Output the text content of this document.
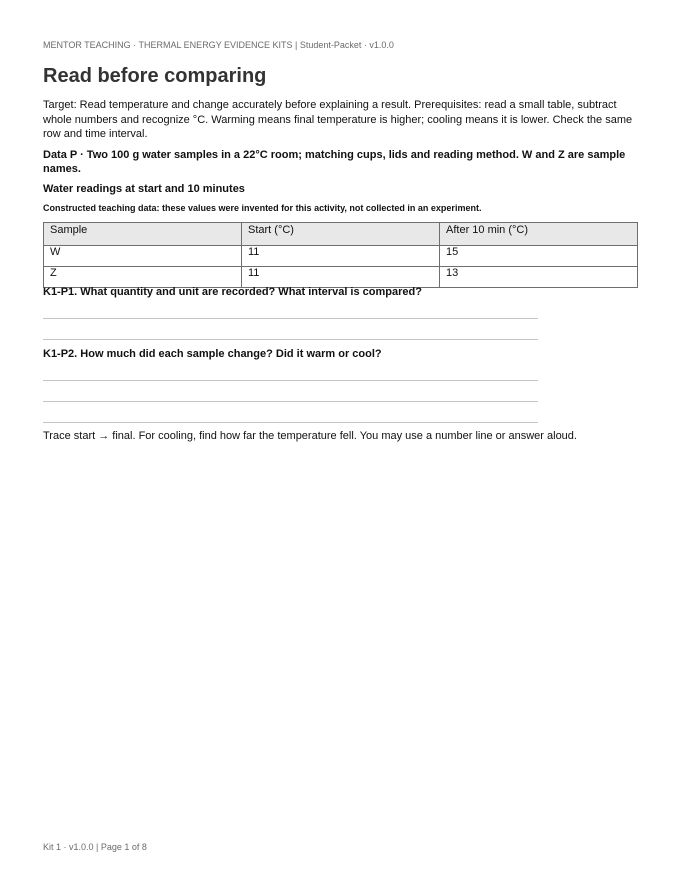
MENTOR TEACHING · THERMAL ENERGY EVIDENCE KITS | Student-Packet · v1.0.0
Read before comparing

Target: Read temperature and change accurately before explaining a result. Prerequisites: read a small table, subtract whole numbers and recognize °C. Warming means final temperature is higher; cooling means it is lower. Check the same row and time interval.

Data P · Two 100 g water samples in a 22°C room; matching cups, lids and reading method. W and Z are sample names.

Water readings at start and 10 minutes

Constructed teaching data: these values were invented for this activity, not collected in an experiment.

Sample	Start (°C)	After 10 min (°C)
W	11	15
Z	11	13

K1-P1. What quantity and unit are recorded? What interval is compared?

K1-P2. How much did each sample change? Did it warm or cool?

Trace start → final. For cooling, find how far the temperature fell. You may use a number line or answer aloud.

Kit 1 · v1.0.0 | Page 1 of 8
